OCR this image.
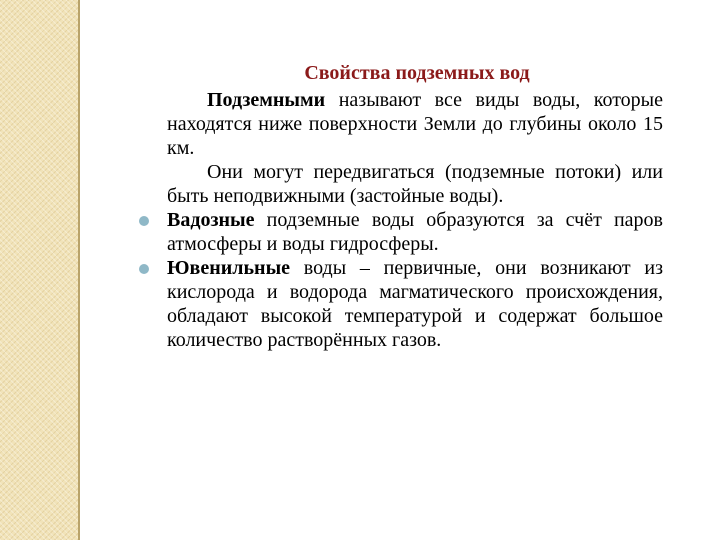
Свойства подземных вод

Подземными называют все виды воды, которые находятся ниже поверхности Земли до глубины около 15 км.

Они могут передвигаться (подземные потоки) или быть неподвижными (застойные воды).

Вадозные подземные воды образуются за счёт паров атмосферы и воды гидросферы.

Ювенильные воды – первичные, они возникают из кислорода и водорода магматического происхождения, обладают высокой температурой и содержат большое количество растворённых газов.
